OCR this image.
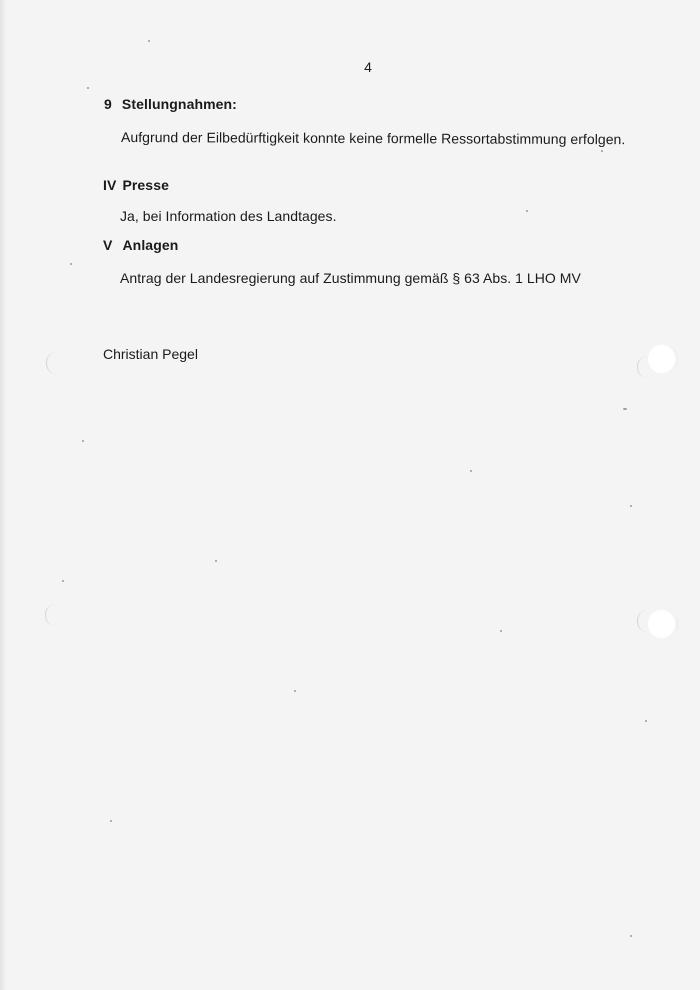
4
9 Stellungnahmen:
Aufgrund der Eilbedürftigkeit konnte keine formelle Ressortabstimmung erfolgen.
IV Presse
Ja, bei Information des Landtages.
V Anlagen
Antrag der Landesregierung auf Zustimmung gemäß § 63 Abs. 1 LHO MV
Christian Pegel
